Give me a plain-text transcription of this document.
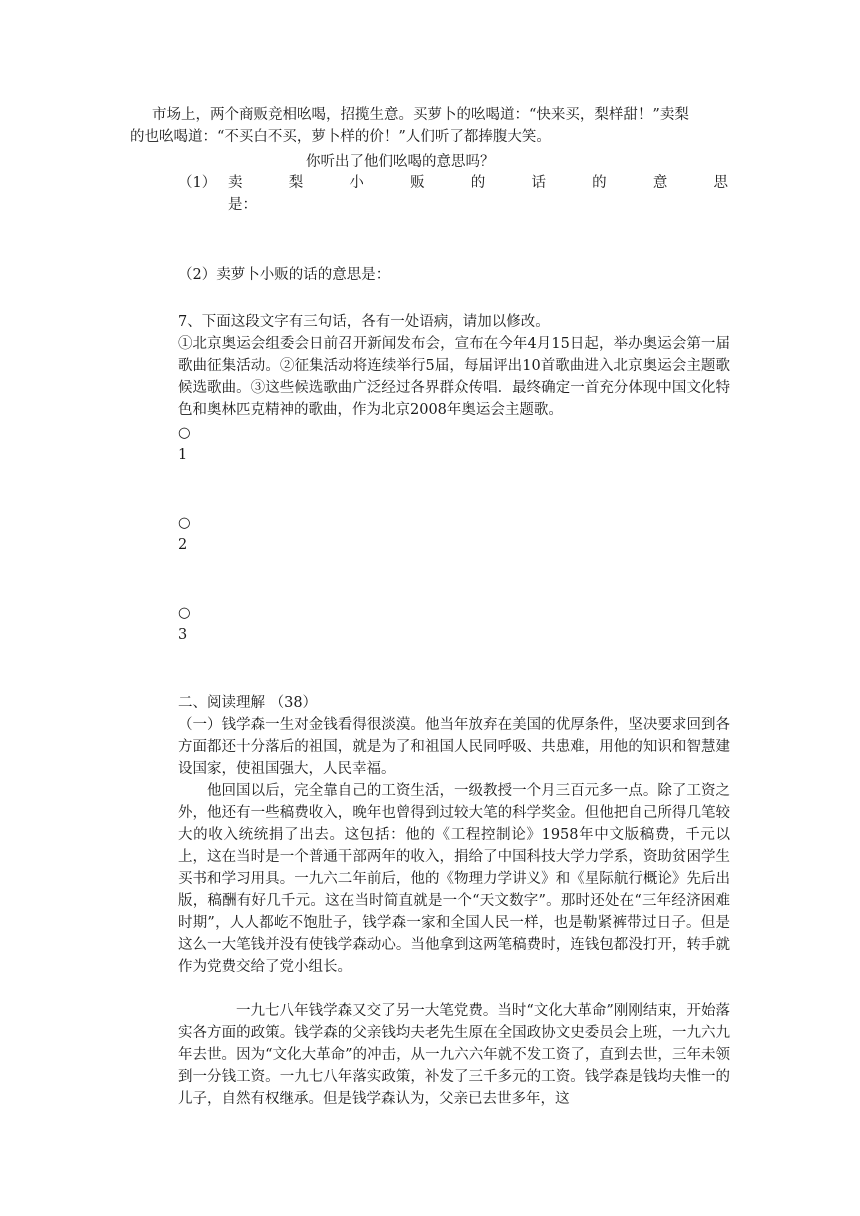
市场上，两个商贩竞相吆喝，招揽生意。买萝卜的吆喝道：“快来买，梨样甜！”卖梨
的也吆喝道：“不买白不买，萝卜样的价！”人们听了都捧腹大笑。
你听出了他们吆喝的意思吗？
（1） 卖	梨	小	贩	的	话	的	意	思
是：
（2）卖萝卜小贩的话的意思是：
7、下面这段文字有三句话，各有一处语病，请加以修改。
①北京奥运会组委会日前召开新闻发布会，宣布在今年4月15日起，举办奥运会第一届歌曲征集活动。②征集活动将连续举行5届，每届评出10首歌曲进入北京奥运会主题歌候选歌曲。③这些候选歌曲广泛经过各界群众传唱．最终确定一首充分体现中国文化特色和奥林匹克精神的歌曲，作为北京2008年奥运会主题歌。
○
1
○
2
○
3
二、阅读理解 （38）
（一）钱学森一生对金钱看得很淡漠。他当年放弃在美国的优厚条件，坚决要求回到各方面都还十分落后的祖国，就是为了和祖国人民同呼吸、共患难，用他的知识和智慧建设国家，使祖国强大，人民幸福。
他回国以后，完全靠自己的工资生活，一级教授一个月三百元多一点。除了工资之外，他还有一些稿费收入，晚年也曾得到过较大笔的科学奖金。但他把自己所得几笔较大的收入统统捐了出去。这包括：他的《工程控制论》1958年中文版稿费，千元以上，这在当时是一个普通干部两年的收入，捐给了中国科技大学力学系，资助贫困学生买书和学习用具。一九六二年前后，他的《物理力学讲义》和《星际航行概论》先后出版，稿酬有好几千元。这在当时简直就是一个“天文数字”。那时还处在“三年经济困难时期”，人人都屹不饱肚子，钱学森一家和全国人民一样，也是勒紧裤带过日子。但是这么一大笔钱并没有使钱学森动心。当他拿到这两笔稿费时，连钱包都没打开，转手就作为党费交给了党小组长。
一九七八年钱学森又交了另一大笔党费。当时“文化大革命”刚刚结束，开始落实各方面的政策。钱学森的父亲钱均夫老先生原在全国政协文史委员会上班，一九六九年去世。因为“文化大革命”的冲击，从一九六六年就不发工资了，直到去世，三年未领到一分钱工资。一九七八年落实政策，补发了三千多元的工资。钱学森是钱均夫惟一的儿子，自然有权继承。但是钱学森认为，父亲已去世多年，这
